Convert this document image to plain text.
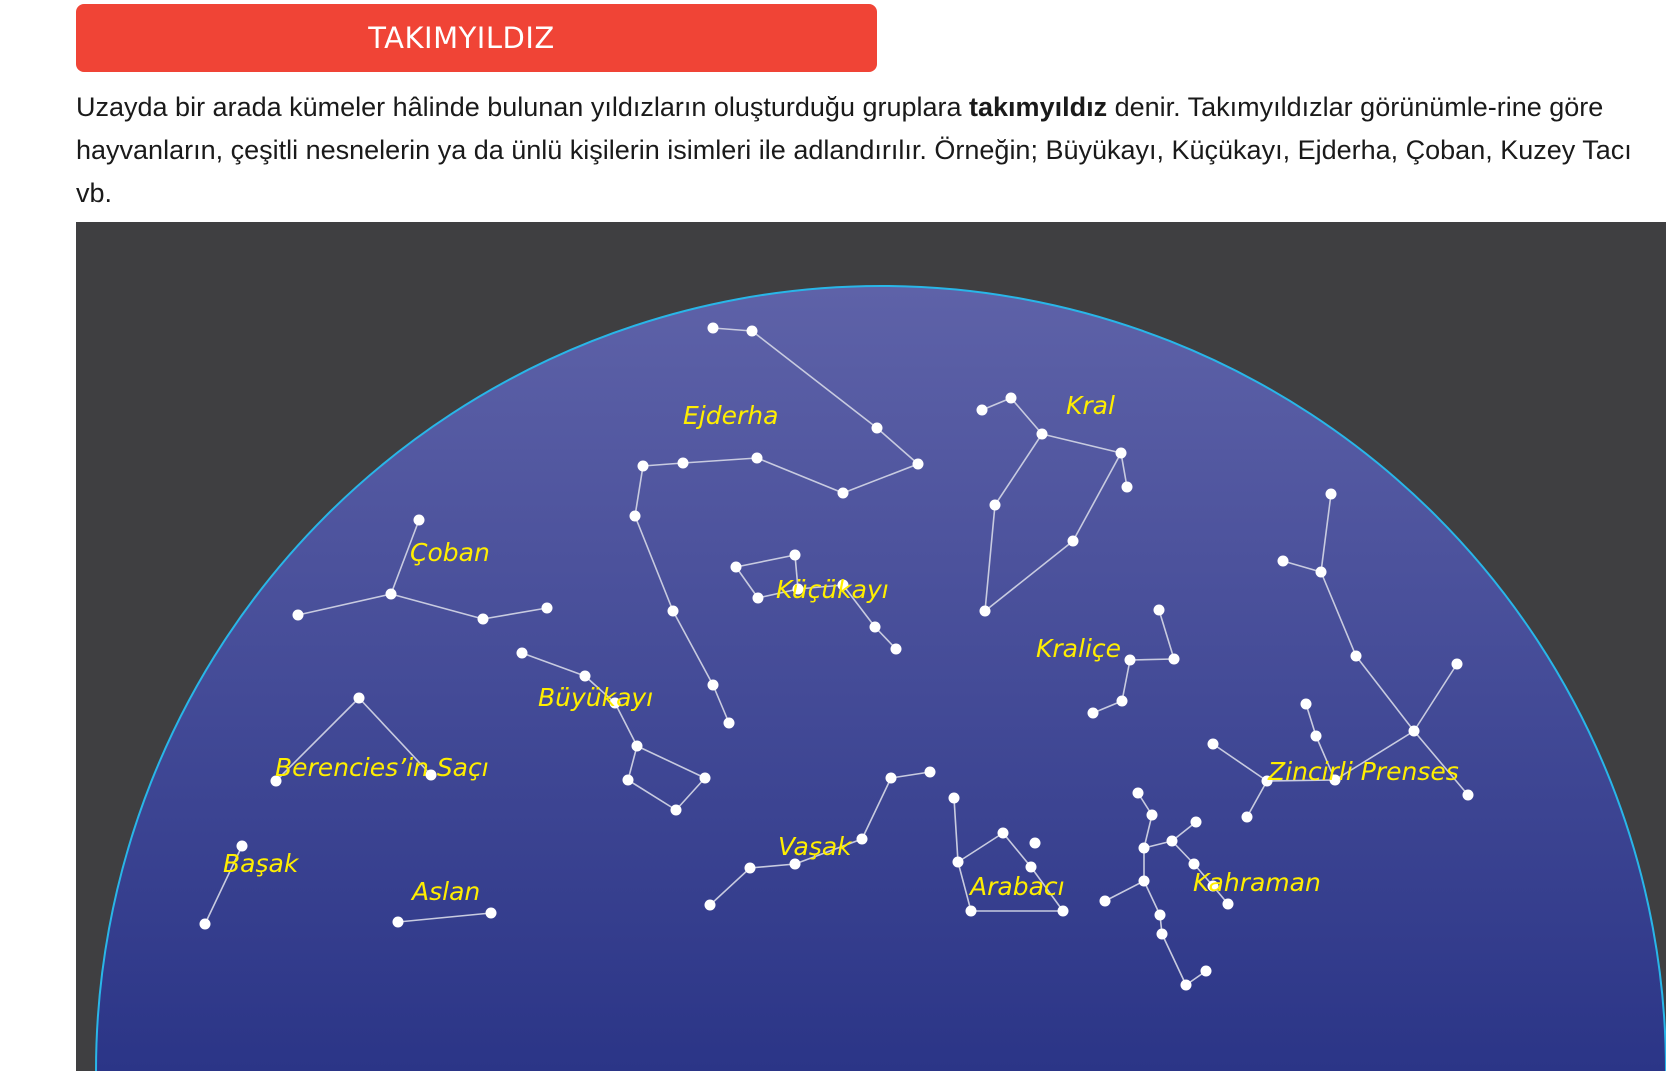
TAKIMYILDIZ

Uzayda bir arada kümeler hâlinde bulunan yıldızların oluşturduğu gruplara takımyıldız denir. Takımyıldızlar görünümle-rine göre hayvanların, çeşitli nesnelerin ya da ünlü kişilerin isimleri ile adlandırılır. Örneğin; Büyükayı, Küçükayı, Ejderha, Çoban, Kuzey Tacı vb.

Ejderha	Kral
Çoban
Küçükayı
Kraliçe
Zincirli Prenses
Büyükayı
Berencies’in Saçı
Başak
Aslan
Vaşak
Arabacı	Kahraman
